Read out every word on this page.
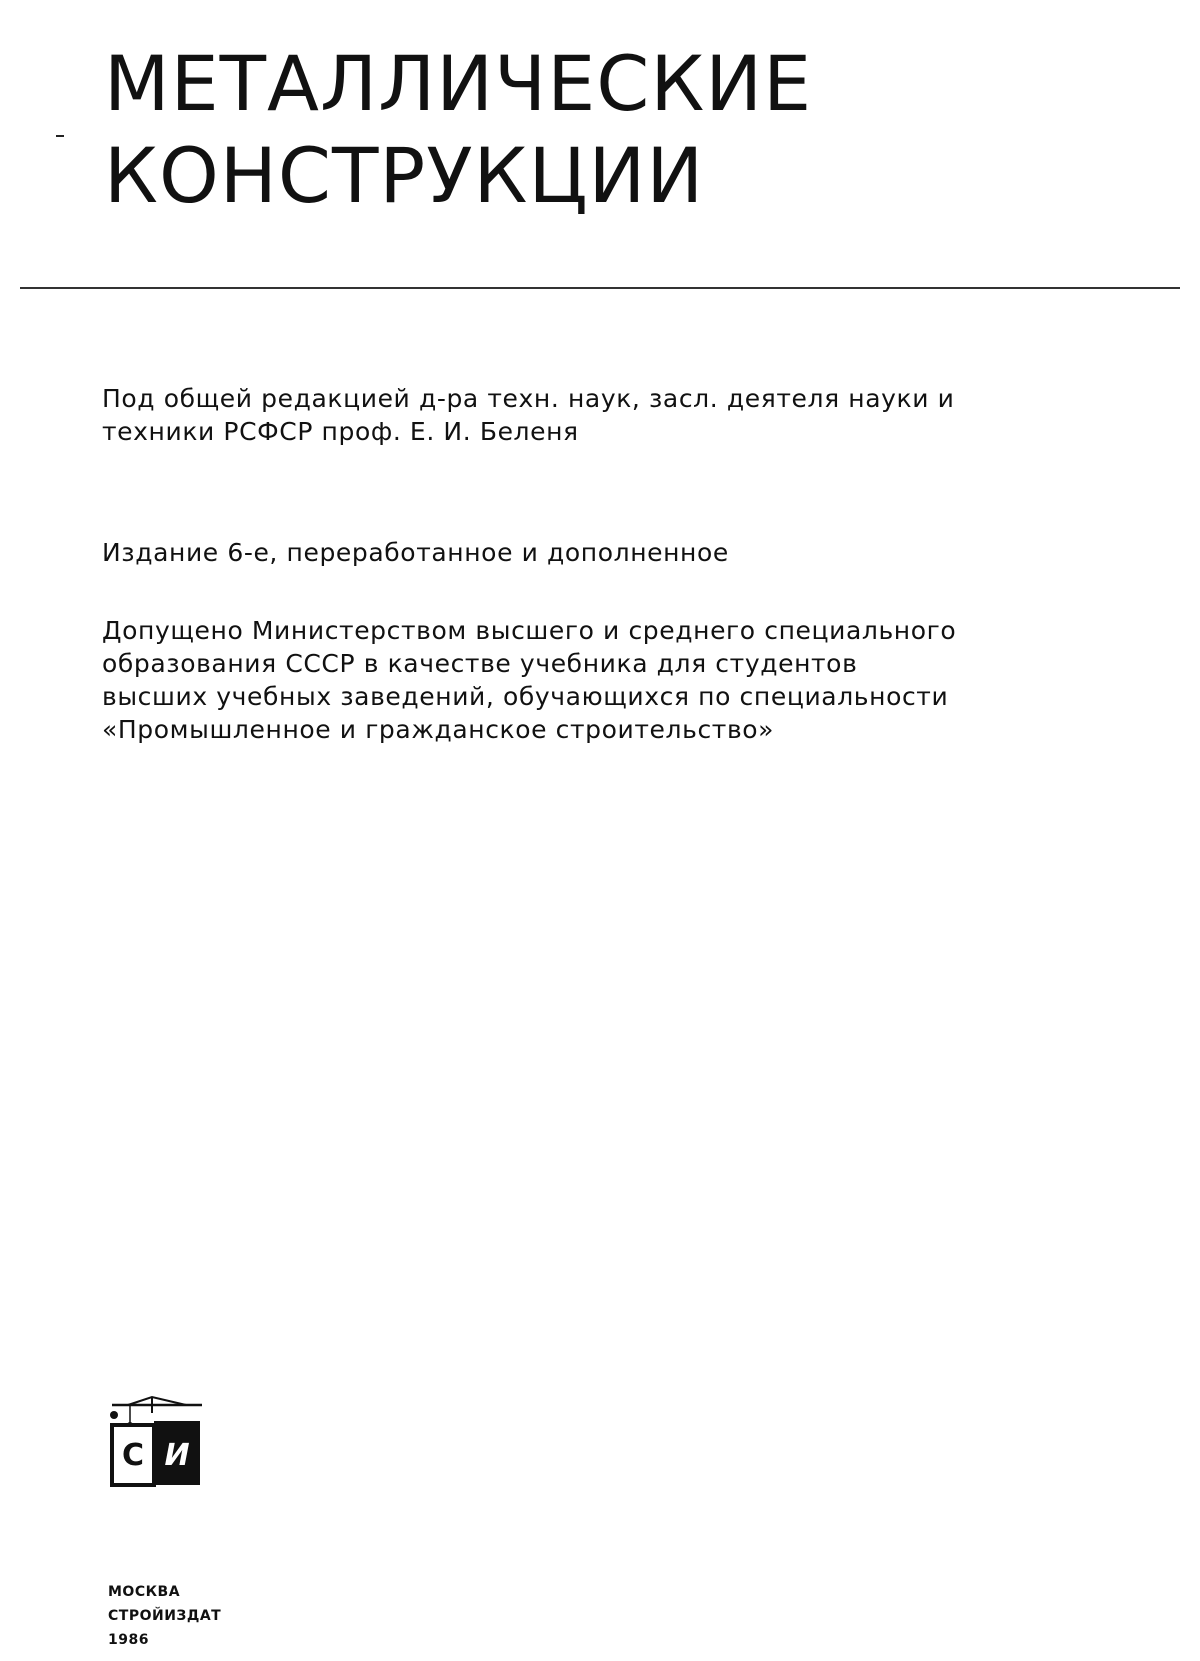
МЕТАЛЛИЧЕСКИЕ
КОНСТРУКЦИИ

Под общей редакцией д-ра техн. наук, засл. деятеля науки и
техники РСФСР проф. Е. И. Беленя

Издание 6-е, переработанное и дополненное

Допущено Министерством высшего и среднего специального
образования СССР в качестве учебника для студентов
высших учебных заведений, обучающихся по специальности
«Промышленное и гражданское строительство»

С И
МОСКВА
СТРОЙИЗДАТ
1986
